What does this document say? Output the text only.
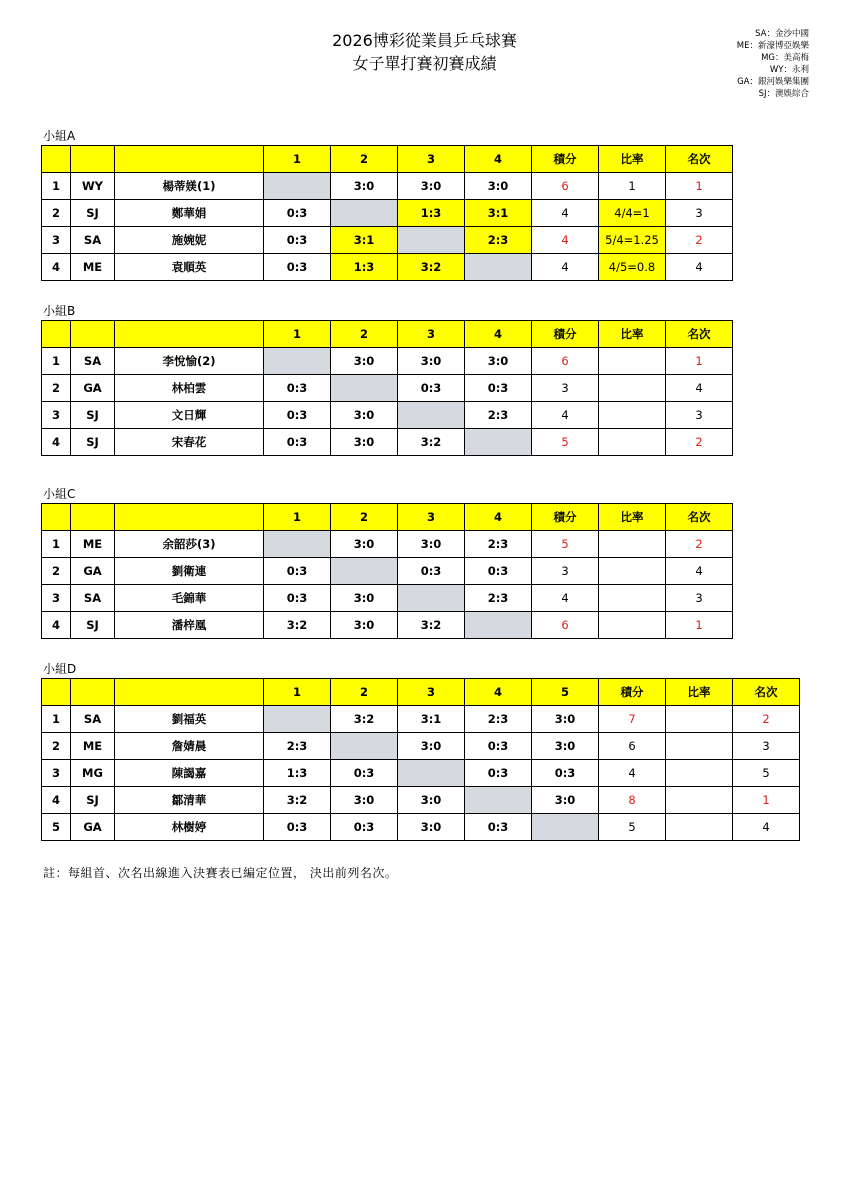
2026博彩從業員乒乓球賽
女子單打賽初賽成績
SA：金沙中國
ME：新濠博亞娛樂
MG：美高梅
WY：永利
GA：銀河娛樂集團
SJ：澳娛綜合
小組A
			1	2	3	4	積分	比率	名次
1	WY	楊蒂媄(1)		3:0	3:0	3:0	6	1	1
2	SJ	鄭華娟	0:3		1:3	3:1	4	4/4=1	3
3	SA	施婉妮	0:3	3:1		2:3	4	5/4=1.25	2
4	ME	袁順英	0:3	1:3	3:2		4	4/5=0.8	4
小組B
			1	2	3	4	積分	比率	名次
1	SA	李悅愉(2)		3:0	3:0	3:0	6		1
2	GA	林柏雲	0:3		0:3	0:3	3		4
3	SJ	文日輝	0:3	3:0		2:3	4		3
4	SJ	宋春花	0:3	3:0	3:2		5		2
小組C
			1	2	3	4	積分	比率	名次
1	ME	余韶莎(3)		3:0	3:0	2:3	5		2
2	GA	劉衛連	0:3		0:3	0:3	3		4
3	SA	毛錦華	0:3	3:0		2:3	4		3
4	SJ	潘梓凰	3:2	3:0	3:2		6		1
小組D
			1	2	3	4	5	積分	比率	名次
1	SA	劉福英		3:2	3:1	2:3	3:0	7		2
2	ME	詹婧晨	2:3		3:0	0:3	3:0	6		3
3	MG	陳謁嘉	1:3	0:3		0:3	0:3	4		5
4	SJ	鄒清華	3:2	3:0	3:0		3:0	8		1
5	GA	林樹婷	0:3	0:3	3:0	0:3		5		4
註：每組首、次名出線進入決賽表已編定位置， 決出前列名次。
